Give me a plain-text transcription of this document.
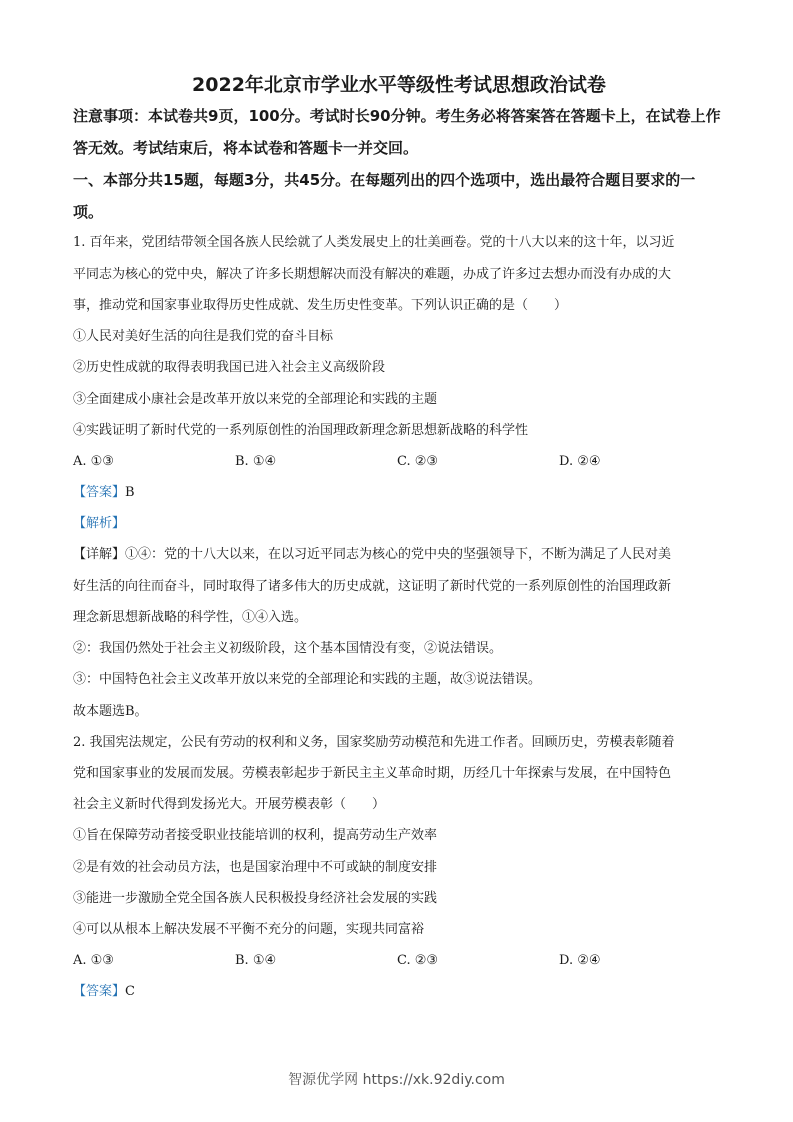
2022年北京市学业水平等级性考试思想政治试卷

注意事项：本试卷共9页，100分。考试时长90分钟。考生务必将答案答在答题卡上，在试卷上作答无效。考试结束后，将本试卷和答题卡一并交回。

一、本部分共15题，每题3分，共45分。在每题列出的四个选项中，选出最符合题目要求的一项。

1. 百年来，党团结带领全国各族人民绘就了人类发展史上的壮美画卷。党的十八大以来的这十年，以习近
平同志为核心的党中央，解决了许多长期想解决而没有解决的难题，办成了许多过去想办而没有办成的大
事，推动党和国家事业取得历史性成就、发生历史性变革。下列认识正确的是（　　）
①人民对美好生活的向往是我们党的奋斗目标
②历史性成就的取得表明我国已进入社会主义高级阶段
③全面建成小康社会是改革开放以来党的全部理论和实践的主题
④实践证明了新时代党的一系列原创性的治国理政新理念新思想新战略的科学性
A. ①③	B. ①④	C. ②③	D. ②④
【答案】B
【解析】
【详解】①④：党的十八大以来，在以习近平同志为核心的党中央的坚强领导下，不断为满足了人民对美
好生活的向往而奋斗，同时取得了诸多伟大的历史成就，这证明了新时代党的一系列原创性的治国理政新
理念新思想新战略的科学性，①④入选。
②：我国仍然处于社会主义初级阶段，这个基本国情没有变，②说法错误。
③：中国特色社会主义改革开放以来党的全部理论和实践的主题，故③说法错误。
故本题选B。
2. 我国宪法规定，公民有劳动的权利和义务，国家奖励劳动模范和先进工作者。回顾历史，劳模表彰随着
党和国家事业的发展而发展。劳模表彰起步于新民主主义革命时期，历经几十年探索与发展，在中国特色
社会主义新时代得到发扬光大。开展劳模表彰（　　）
①旨在保障劳动者接受职业技能培训的权利，提高劳动生产效率
②是有效的社会动员方法，也是国家治理中不可或缺的制度安排
③能进一步激励全党全国各族人民积极投身经济社会发展的实践
④可以从根本上解决发展不平衡不充分的问题，实现共同富裕
A. ①③	B. ①④	C. ②③	D. ②④
【答案】C
智源优学网 https://xk.92diy.com
